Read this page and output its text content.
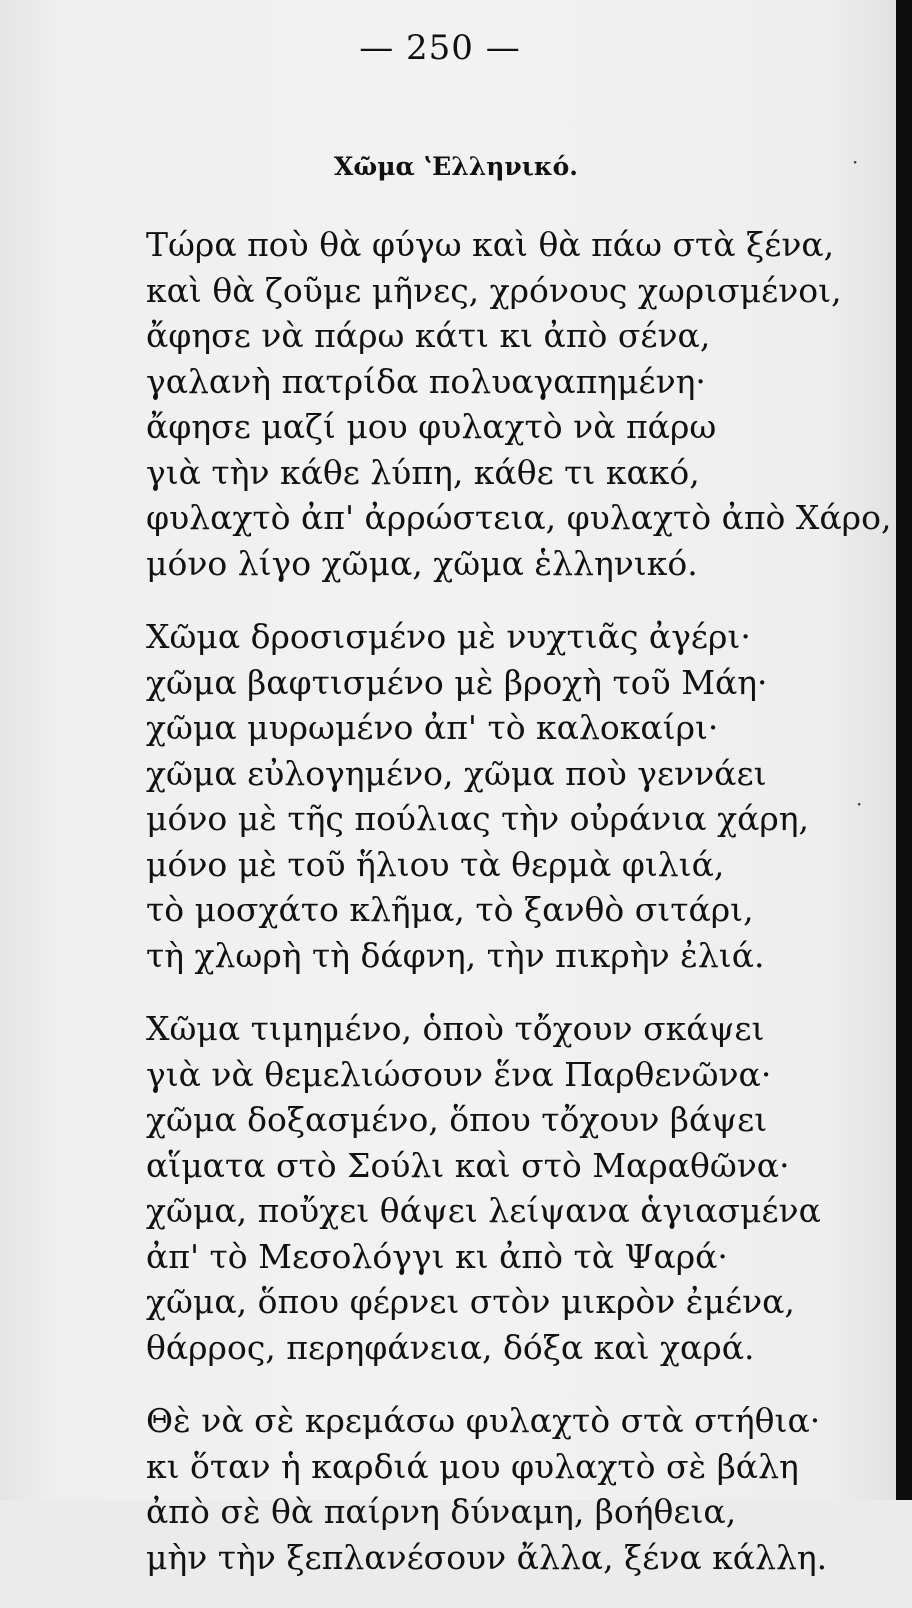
— 250 —
Χῶμα ʽΕλληνικό.
Τώρα ποὺ θὰ φύγω καὶ θὰ πάω στὰ ξένα,
καὶ θὰ ζοῦμε μῆνες, χρόνους χωρισμένοι,
ἄφησε νὰ πάρω κάτι κι ἀπὸ σένα,
γαλανὴ πατρίδα πολυαγαπημένη·
ἄφησε μαζί μου φυλαχτὸ νὰ πάρω
γιὰ τὴν κάθε λύπη, κάθε τι κακό,
φυλαχτὸ ἀπ' ἀρρώστεια, φυλαχτὸ ἀπὸ Χάρο,
μόνο λίγο χῶμα, χῶμα ἑλληνικό.
Χῶμα δροσισμένο μὲ νυχτιᾶς ἀγέρι·
χῶμα βαφτισμένο μὲ βροχὴ τοῦ Μάη·
χῶμα μυρωμένο ἀπ' τὸ καλοκαίρι·
χῶμα εὐλογημένο, χῶμα ποὺ γεννάει
μόνο μὲ τῆς πούλιας τὴν οὐράνια χάρη,
μόνο μὲ τοῦ ἥλιου τὰ θερμὰ φιλιά,
τὸ μοσχάτο κλῆμα, τὸ ξανθὸ σιτάρι,
τὴ χλωρὴ τὴ δάφνη, τὴν πικρὴν ἐλιά.
Χῶμα τιμημένο, ὁποὺ τὄχουν σκάψει
γιὰ νὰ θεμελιώσουν ἕνα Παρθενῶνα·
χῶμα δοξασμένο, ὅπου τὄχουν βάψει
αἵματα στὸ Σούλι καὶ στὸ Μαραθῶνα·
χῶμα, ποὔχει θάψει λείψανα ἁγιασμένα
ἀπ' τὸ Μεσολόγγι κι ἀπὸ τὰ Ψαρά·
χῶμα, ὅπου φέρνει στὸν μικρὸν ἐμένα,
θάρρος, περηφάνεια, δόξα καὶ χαρά.
Θὲ νὰ σὲ κρεμάσω φυλαχτὸ στὰ στήθια·
κι ὅταν ἡ καρδιά μου φυλαχτὸ σὲ βάλη
ἀπὸ σὲ θὰ παίρνη δύναμη, βοήθεια,
μὴν τὴν ξεπλανέσουν ἄλλα, ξένα κάλλη.
·
·
